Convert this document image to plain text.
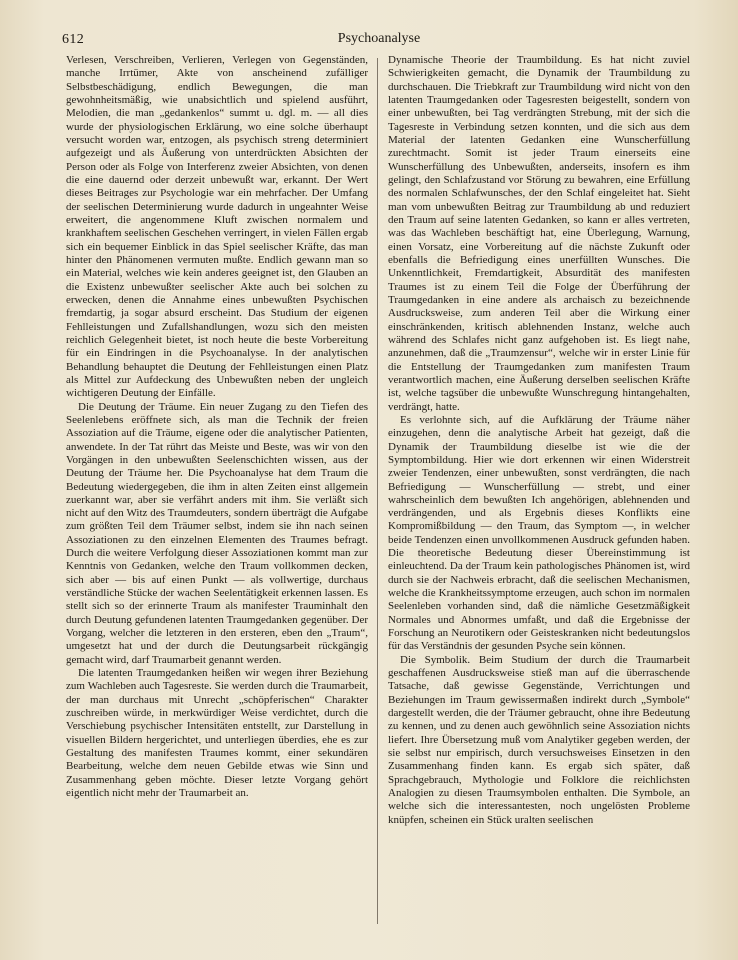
612	Psychoanalyse

Verlesen, Verschreiben, Verlieren, Verlegen von Gegenständen, manche Irrtümer, Akte von anscheinend zufälliger Selbstbeschädigung, endlich Bewegungen, die man gewohnheitsmäßig, wie unabsichtlich und spielend ausführt, Melodien, die man „gedankenlos“ summt u. dgl. m. — all dies wurde der physiologischen Erklärung, wo eine solche überhaupt versucht worden war, entzogen, als psychisch streng determiniert aufgezeigt und als Äußerung von unterdrückten Absichten der Person oder als Folge von Interferenz zweier Absichten, von denen die eine dauernd oder derzeit unbewußt war, erkannt. Der Wert dieses Beitrages zur Psychologie war ein mehrfacher. Der Umfang der seelischen Determinierung wurde dadurch in ungeahnter Weise erweitert, die angenommene Kluft zwischen normalem und krankhaftem seelischen Geschehen verringert, in vielen Fällen ergab sich ein bequemer Einblick in das Spiel seelischer Kräfte, das man hinter den Phänomenen vermuten mußte. Endlich gewann man so ein Material, welches wie kein anderes geeignet ist, den Glauben an die Existenz unbewußter seelischer Akte auch bei solchen zu erwecken, denen die Annahme eines unbewußten Psychischen fremdartig, ja sogar absurd erscheint. Das Studium der eigenen Fehlleistungen und Zufallshandlungen, wozu sich den meisten reichlich Gelegenheit bietet, ist noch heute die beste Vorbereitung für ein Eindringen in die Psychoanalyse. In der analytischen Behandlung behauptet die Deutung der Fehlleistungen einen Platz als Mittel zur Aufdeckung des Unbewußten neben der ungleich wichtigeren Deutung der Einfälle.

Die Deutung der Träume. Ein neuer Zugang zu den Tiefen des Seelenlebens eröffnete sich, als man die Technik der freien Assoziation auf die Träume, eigene oder die analytischer Patienten, anwendete. In der Tat rührt das Meiste und Beste, was wir von den Vorgängen in den unbewußten Seelenschichten wissen, aus der Deutung der Träume her. Die Psychoanalyse hat dem Traum die Bedeutung wiedergegeben, die ihm in alten Zeiten einst allgemein zuerkannt war, aber sie verfährt anders mit ihm. Sie verläßt sich nicht auf den Witz des Traumdeuters, sondern überträgt die Aufgabe zum größten Teil dem Träumer selbst, indem sie ihn nach seinen Assoziationen zu den einzelnen Elementen des Traumes befragt. Durch die weitere Verfolgung dieser Assoziationen kommt man zur Kenntnis von Gedanken, welche den Traum vollkommen decken, sich aber — bis auf einen Punkt — als vollwertige, durchaus verständliche Stücke der wachen Seelentätigkeit erkennen lassen. Es stellt sich so der erinnerte Traum als manifester Trauminhalt den durch Deutung gefundenen latenten Traumgedanken gegenüber. Der Vorgang, welcher die letzteren in den ersteren, eben den „Traum“, umgesetzt hat und der durch die Deutungsarbeit rückgängig gemacht wird, darf Traumarbeit genannt werden.

Die latenten Traumgedanken heißen wir wegen ihrer Beziehung zum Wachleben auch Tagesreste. Sie werden durch die Traumarbeit, der man durchaus mit Unrecht „schöpferischen“ Charakter zuschreiben würde, in merkwürdiger Weise verdichtet, durch die Verschiebung psychischer Intensitäten entstellt, zur Darstellung in visuellen Bildern hergerichtet, und unterliegen überdies, ehe es zur Gestaltung des manifesten Traumes kommt, einer sekundären Bearbeitung, welche dem neuen Gebilde etwas wie Sinn und Zusammenhang geben möchte. Dieser letzte Vorgang gehört eigentlich nicht mehr der Traumarbeit an.

Dynamische Theorie der Traumbildung. Es hat nicht zuviel Schwierigkeiten gemacht, die Dynamik der Traumbildung zu durchschauen. Die Triebkraft zur Traumbildung wird nicht von den latenten Traumgedanken oder Tagesresten beigestellt, sondern von einer unbewußten, bei Tag verdrängten Strebung, mit der sich die Tagesreste in Verbindung setzen konnten, und die sich aus dem Material der latenten Gedanken eine Wunscherfüllung zurechtmacht. Somit ist jeder Traum einerseits eine Wunscherfüllung des Unbewußten, anderseits, insofern es ihm gelingt, den Schlafzustand vor Störung zu bewahren, eine Erfüllung des normalen Schlafwunsches, der den Schlaf eingeleitet hat. Sieht man vom unbewußten Beitrag zur Traumbildung ab und reduziert den Traum auf seine latenten Gedanken, so kann er alles vertreten, was das Wachleben beschäftigt hat, eine Überlegung, Warnung, einen Vorsatz, eine Vorbereitung auf die nächste Zukunft oder ebenfalls die Befriedigung eines unerfüllten Wunsches. Die Unkenntlichkeit, Fremdartigkeit, Absurdität des manifesten Traumes ist zu einem Teil die Folge der Überführung der Traumgedanken in eine andere als archaisch zu bezeichnende Ausdrucksweise, zum anderen Teil aber die Wirkung einer einschränkenden, kritisch ablehnenden Instanz, welche auch während des Schlafes nicht ganz aufgehoben ist. Es liegt nahe, anzunehmen, daß die „Traumzensur“, welche wir in erster Linie für die Entstellung der Traumgedanken zum manifesten Traum verantwortlich machen, eine Äußerung derselben seelischen Kräfte ist, welche tagsüber die unbewußte Wunschregung hintangehalten, verdrängt, hatte.

Es verlohnte sich, auf die Aufklärung der Träume näher einzugehen, denn die analytische Arbeit hat gezeigt, daß die Dynamik der Traumbildung dieselbe ist wie die der Symptombildung. Hier wie dort erkennen wir einen Widerstreit zweier Tendenzen, einer unbewußten, sonst verdrängten, die nach Befriedigung — Wunscherfüllung — strebt, und einer wahrscheinlich dem bewußten Ich angehörigen, ablehnenden und verdrängenden, und als Ergebnis dieses Konflikts eine Kompromißbildung — den Traum, das Symptom —, in welcher beide Tendenzen einen unvollkommenen Ausdruck gefunden haben. Die theoretische Bedeutung dieser Übereinstimmung ist einleuchtend. Da der Traum kein pathologisches Phänomen ist, wird durch sie der Nachweis erbracht, daß die seelischen Mechanismen, welche die Krankheitssymptome erzeugen, auch schon im normalen Seelenleben vorhanden sind, daß die nämliche Gesetzmäßigkeit Normales und Abnormes umfaßt, und daß die Ergebnisse der Forschung an Neurotikern oder Geisteskranken nicht bedeutungslos für das Verständnis der gesunden Psyche sein können.

Die Symbolik. Beim Studium der durch die Traumarbeit geschaffenen Ausdrucksweise stieß man auf die überraschende Tatsache, daß gewisse Gegenstände, Verrichtungen und Beziehungen im Traum gewissermaßen indirekt durch „Symbole“ dargestellt werden, die der Träumer gebraucht, ohne ihre Bedeutung zu kennen, und zu denen auch gewöhnlich seine Assoziation nichts liefert. Ihre Übersetzung muß vom Analytiker gegeben werden, der sie selbst nur empirisch, durch versuchsweises Einsetzen in den Zusammenhang finden kann. Es ergab sich später, daß Sprachgebrauch, Mythologie und Folklore die reichlichsten Analogien zu diesen Traumsymbolen enthalten. Die Symbole, an welche sich die interessantesten, noch ungelösten Probleme knüpfen, scheinen ein Stück uralten seelischen
